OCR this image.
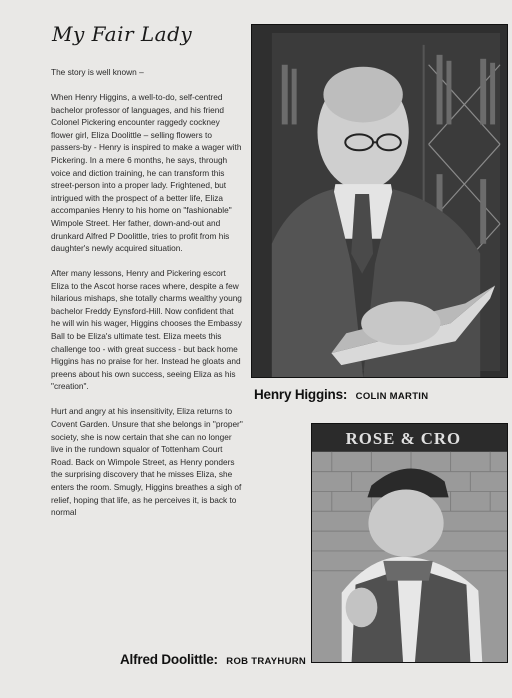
My Fair Lady

The story is well known –

When Henry Higgins, a well-to-do, self-centred bachelor professor of languages, and his friend Colonel Pickering encounter raggedy cockney flower girl, Eliza Doolittle – selling flowers to passers-by - Henry is inspired to make a wager with Pickering. In a mere 6 months, he says, through voice and diction training, he can transform this street-person into a proper lady. Frightened, but intrigued with the prospect of a better life, Eliza accompanies Henry to his home on "fashionable" Wimpole Street. Her father, down-and-out and drunkard Alfred P Doolittle, tries to profit from his daughter's newly acquired situation.

After many lessons, Henry and Pickering escort Eliza to the Ascot horse races where, despite a few hilarious mishaps, she totally charms wealthy young bachelor Freddy Eynsford-Hill. Now confident that he will win his wager, Higgins chooses the Embassy Ball to be Eliza's ultimate test. Eliza meets this challenge too - with great success - but back home Higgins has no praise for her. Instead he gloats and preens about his own success, seeing Eliza as his "creation".

Hurt and angry at his insensitivity, Eliza returns to Covent Garden. Unsure that she belongs in "proper" society, she is now certain that she can no longer live in the rundown squalor of Tottenham Court Road. Back on Wimpole Street, as Henry ponders the surprising discovery that he misses Eliza, she enters the room. Smugly, Higgins breathes a sigh of relief, hoping that life, as he perceives it, is back to normal

Henry Higgins: COLIN MARTIN
ROSE & CRO
Alfred Doolittle: ROB TRAYHURN
